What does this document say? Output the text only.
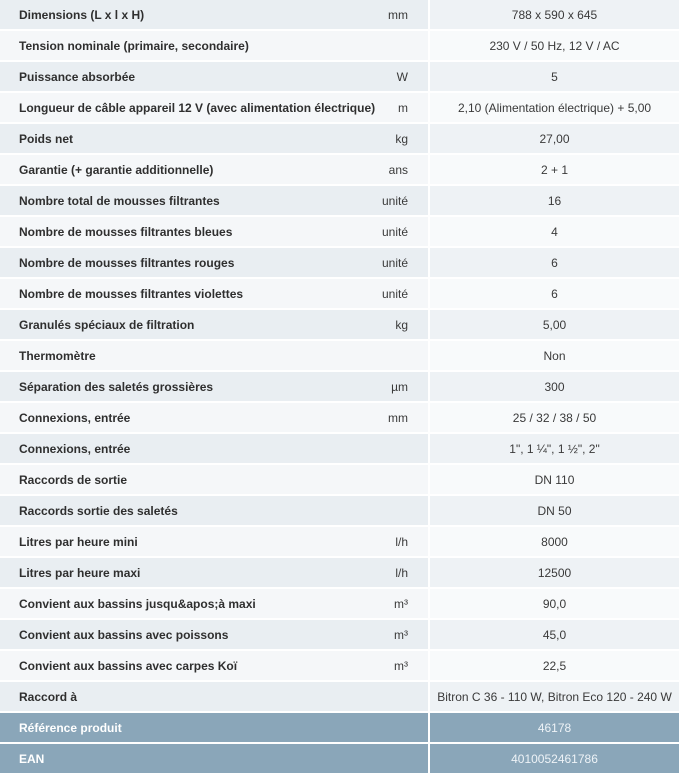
Dimensions (L x l x H)	mm	788 x 590 x 645
Tension nominale (primaire, secondaire)		230 V / 50 Hz, 12 V / AC
Puissance absorbée	W	5
Longueur de câble appareil 12 V (avec alimentation électrique)	m	2,10 (Alimentation électrique) + 5,00
Poids net	kg	27,00
Garantie (+ garantie additionnelle)	ans	2 + 1
Nombre total de mousses filtrantes	unité	16
Nombre de mousses filtrantes bleues	unité	4
Nombre de mousses filtrantes rouges	unité	6
Nombre de mousses filtrantes violettes	unité	6
Granulés spéciaux de filtration	kg	5,00
Thermomètre		Non
Séparation des saletés grossières	µm	300
Connexions, entrée	mm	25 / 32 / 38 / 50
Connexions, entrée		1", 1 ¼", 1 ½", 2"
Raccords de sortie		DN 110
Raccords sortie des saletés		DN 50
Litres par heure mini	l/h	8000
Litres par heure maxi	l/h	12500
Convient aux bassins jusqu&apos;à maxi	m³	90,0
Convient aux bassins avec poissons	m³	45,0
Convient aux bassins avec carpes Koï	m³	22,5
Raccord à		Bitron C 36 - 110 W, Bitron Eco 120 - 240 W
Référence produit		46178
EAN		4010052461786
